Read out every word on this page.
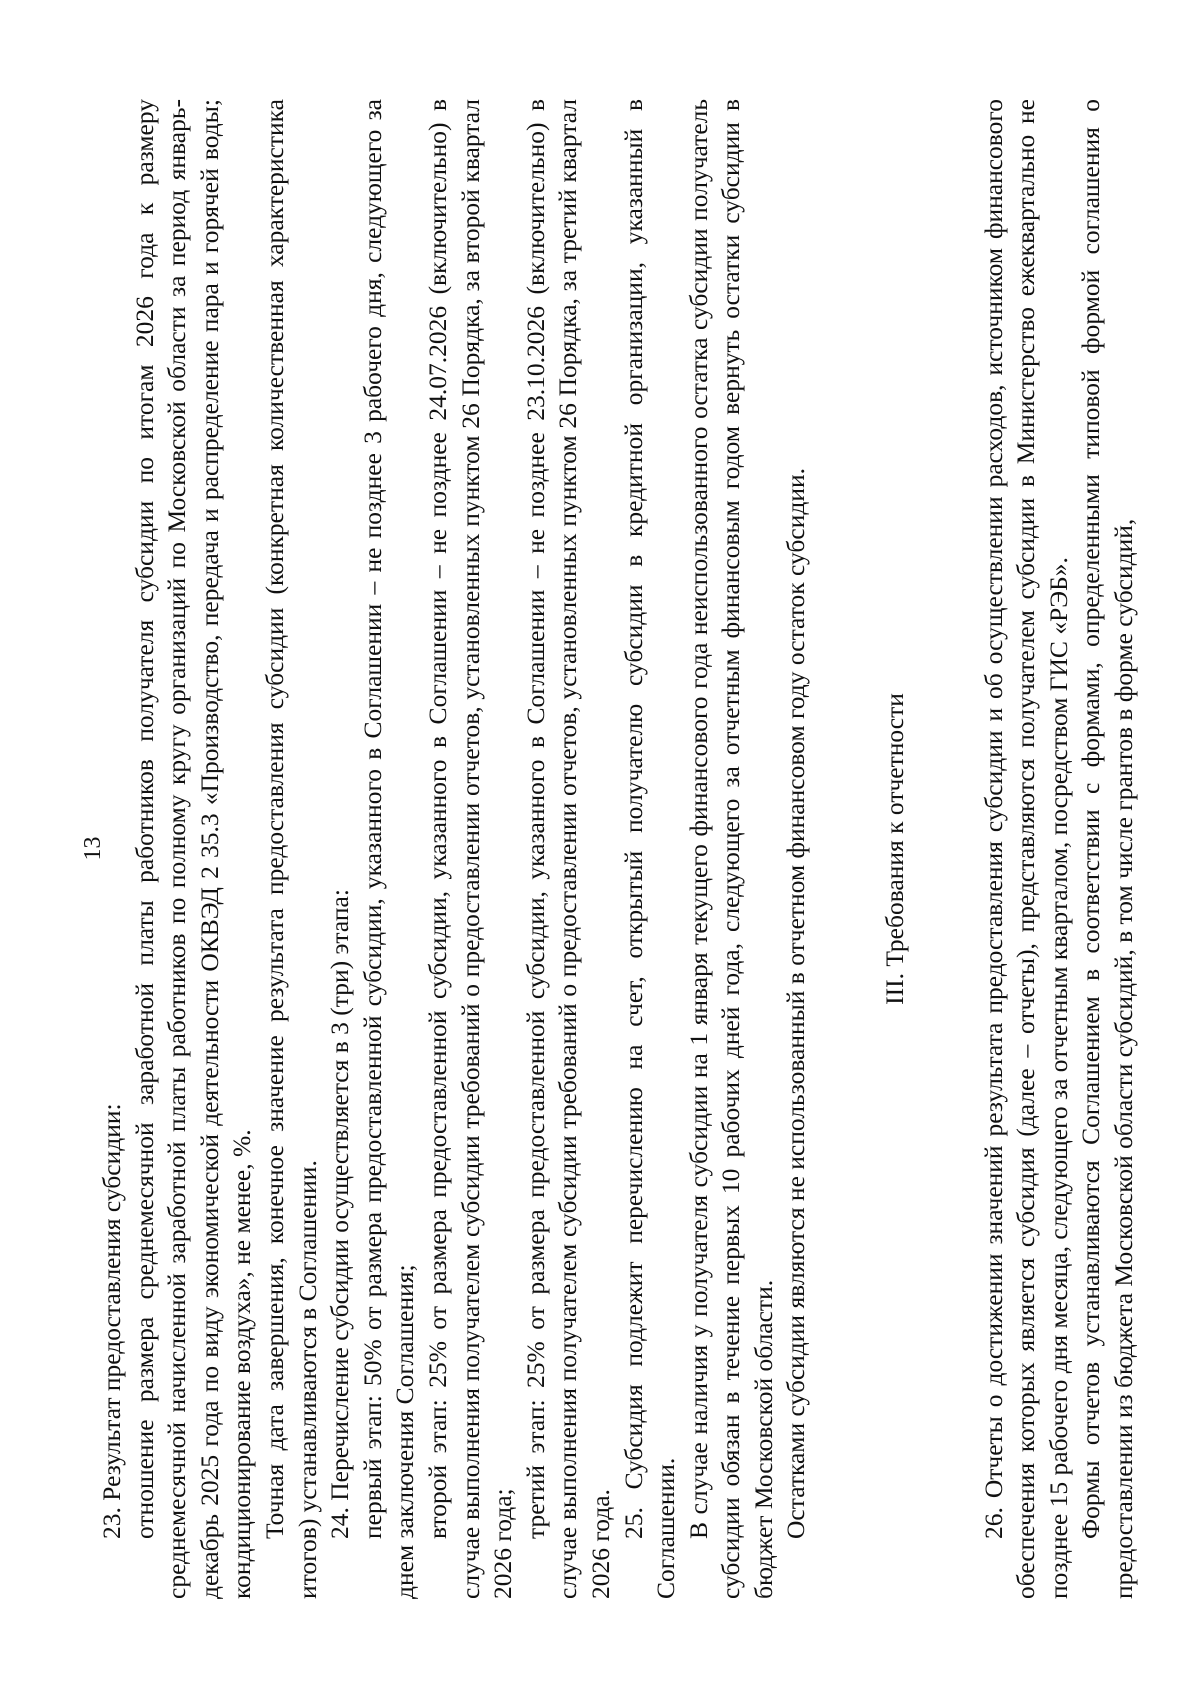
13

23. Результат предоставления субсидии: отношение размера среднемесячной заработной платы работников получателя субсидии по итогам 2026 года к размеру среднемесячной начисленной заработной платы работников по полному кругу организаций по Московской области за период январь-декабрь 2025 года по виду экономической деятельности ОКВЭД 2 35.3 «Производство, передача и распределение пара и горячей воды; кондиционирование воздуха», не менее, %. Точная дата завершения, конечное значение результата предоставления субсидии (конкретная количественная характеристика итогов) устанавливаются в Соглашении. 24. Перечисление субсидии осуществляется в 3 (три) этапа: первый этап: 50% от размера предоставленной субсидии, указанного в Соглашении – не позднее 3 рабочего дня, следующего за днем заключения Соглашения; второй этап: 25% от размера предоставленной субсидии, указанного в Соглашении – не позднее 24.07.2026 (включительно) в случае выполнения получателем субсидии требований о предоставлении отчетов, установленных пунктом 26 Порядка, за второй квартал 2026 года;

третий этап: 25% от размера предоставленной субсидии, указанного в Соглашении – не позднее 23.10.2026 (включительно) в случае выполнения получателем субсидии требований о предоставлении отчетов, установленных пунктом 26 Порядка, за третий квартал 2026 года.

25. Субсидия подлежит перечислению на счет, открытый получателю субсидии в кредитной организации, указанный в Соглашении. В случае наличия у получателя субсидии на 1 января текущего финансового года неиспользованного остатка субсидии получатель субсидии обязан в течение первых 10 рабочих дней года, следующего за отчетным финансовым годом вернуть остатки субсидии в бюджет Московской области. Остатками субсидии являются не использованный в отчетном финансовом году остаток субсидии.	III. Требования к отчетности	26. Отчеты о достижении значений результата предоставления субсидии и об осуществлении расходов, источником финансового обеспечения которых является субсидия (далее – отчеты), представляются получателем субсидии в Министерство ежеквартально не позднее 15 рабочего дня месяца, следующего за отчетным кварталом, посредством ГИС «РЭБ». Формы отчетов устанавливаются Соглашением в соответствии с формами, определенными типовой формой соглашения о предоставлении из бюджета Московской области субсидий, в том числе грантов в форме субсидий,
